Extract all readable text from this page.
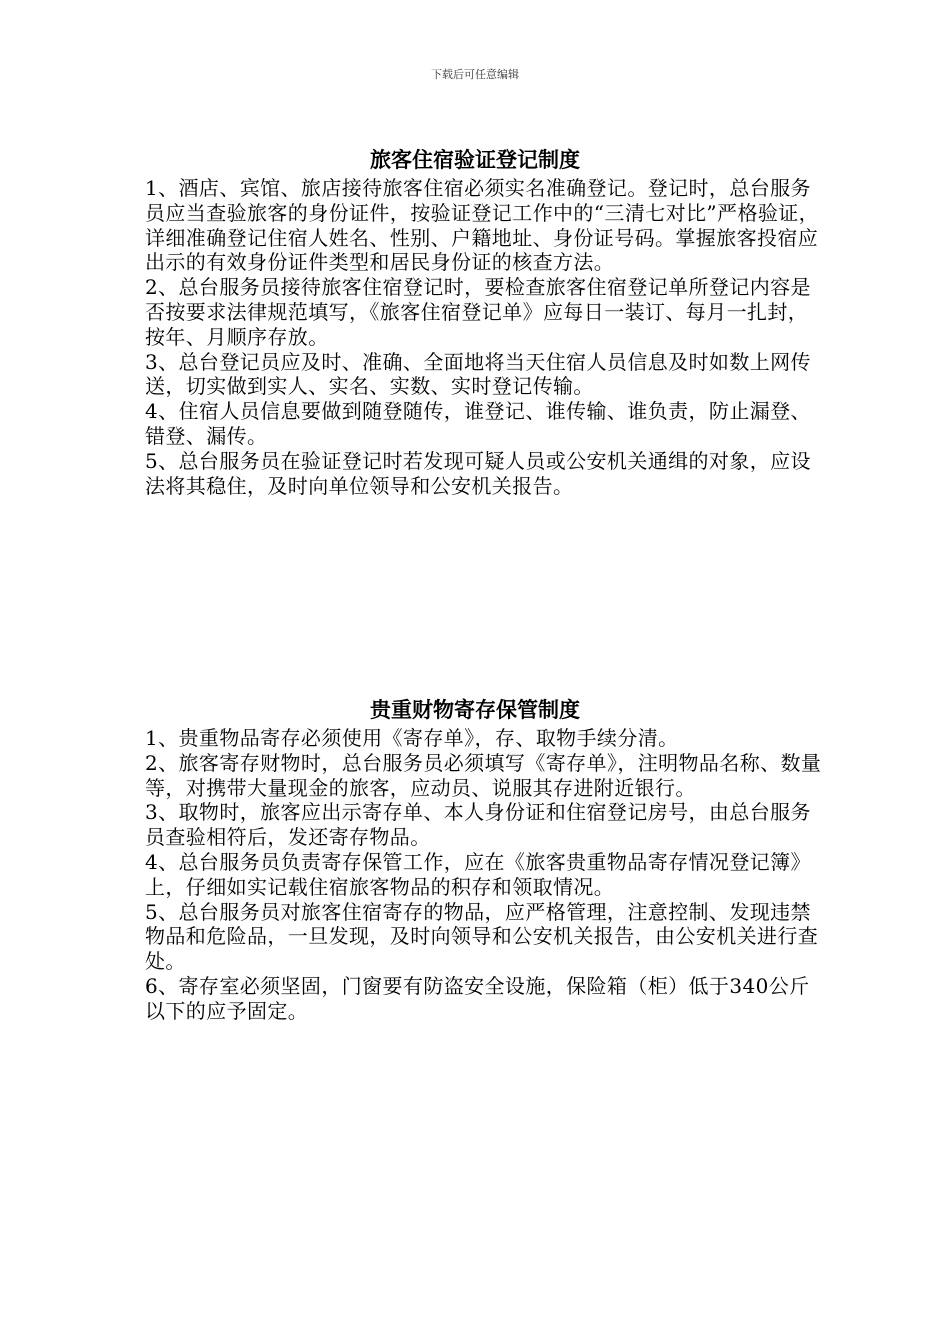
下载后可任意编辑
旅客住宿验证登记制度

1、酒店、宾馆、旅店接待旅客住宿必须实名准确登记。登记时，总台服务员应当查验旅客的身份证件，按验证登记工作中的“三清七对比”严格验证，详细准确登记住宿人姓名、性别、户籍地址、身份证号码。掌握旅客投宿应出示的有效身份证件类型和居民身份证的核查方法。

2、总台服务员接待旅客住宿登记时，要检查旅客住宿登记单所登记内容是否按要求法律规范填写，《旅客住宿登记单》应每日一装订、每月一扎封，按年、月顺序存放。

3、总台登记员应及时、准确、全面地将当天住宿人员信息及时如数上网传送，切实做到实人、实名、实数、实时登记传输。

4、住宿人员信息要做到随登随传，谁登记、谁传输、谁负责，防止漏登、错登、漏传。

5、总台服务员在验证登记时若发现可疑人员或公安机关通缉的对象，应设法将其稳住，及时向单位领导和公安机关报告。

贵重财物寄存保管制度

1、贵重物品寄存必须使用《寄存单》，存、取物手续分清。

2、旅客寄存财物时，总台服务员必须填写《寄存单》，注明物品名称、数量等，对携带大量现金的旅客，应动员、说服其存进附近银行。

3、取物时，旅客应出示寄存单、本人身份证和住宿登记房号，由总台服务员查验相符后，发还寄存物品。

4、总台服务员负责寄存保管工作，应在《旅客贵重物品寄存情况登记簿》上，仔细如实记载住宿旅客物品的积存和领取情况。

5、总台服务员对旅客住宿寄存的物品，应严格管理，注意控制、发现违禁物品和危险品，一旦发现，及时向领导和公安机关报告，由公安机关进行查处。

6、寄存室必须坚固，门窗要有防盗安全设施，保险箱（柜）低于340公斤以下的应予固定。
